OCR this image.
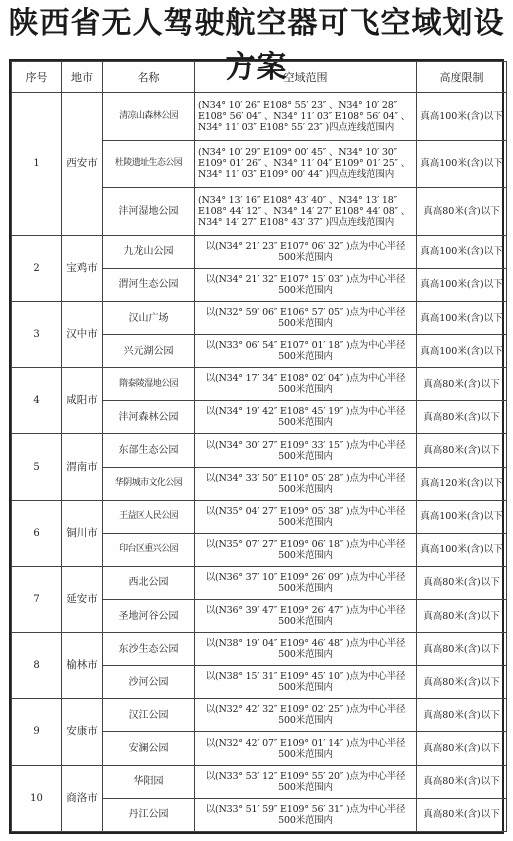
陕西省无人驾驶航空器可飞空域划设方案
序号	地市	名称	空域范围	高度限制
1	西安市	清凉山森林公园	(N34° 10′ 26″ E108° 55′ 23″ 、N34° 10′ 28″
E108° 56′ 04″ 、N34° 11′ 03″ E108° 56′ 04″ 、
N34° 11′ 03″ E108° 55′ 23″ )四点连线范围内	真高100米(含)以下
		杜陵遗址生态公园	(N34° 10′ 29″ E109° 00′ 45″ 、N34° 10′ 30″
E109° 01′ 26″ 、N34° 11′ 04″ E109° 01′ 25″ 、
N34° 11′ 03″ E109° 00′ 44″ )四点连线范围内	真高100米(含)以下
		沣河湿地公园	(N34° 13′ 16″ E108° 43′ 40″ 、N34° 13′ 18″
E108° 44′ 12″ 、N34° 14′ 27″ E108° 44′ 08″ 、
N34° 14′ 27″ E108° 43′ 37″ )四点连线范围内	真高80米(含)以下
2	宝鸡市	九龙山公园	以(N34° 21′ 23″ E107° 06′ 32″ )点为中心半径
500米范围内	真高100米(含)以下
		渭河生态公园	以(N34° 21′ 32″ E107° 15′ 03″ )点为中心半径
500米范围内	真高100米(含)以下
3	汉中市	汉山广场	以(N32° 59′ 06″ E106° 57′ 05″ )点为中心半径
500米范围内	真高100米(含)以下
		兴元湖公园	以(N33° 06′ 54″ E107° 01′ 18″ )点为中心半径
500米范围内	真高100米(含)以下
4	咸阳市	隋泰陵湿地公园	以(N34° 17′ 34″ E108° 02′ 04″ )点为中心半径
500米范围内	真高80米(含)以下
		沣河森林公园	以(N34° 19′ 42″ E108° 45′ 19″ )点为中心半径
500米范围内	真高80米(含)以下
5	渭南市	东部生态公园	以(N34° 30′ 27″ E109° 33′ 15″ )点为中心半径
500米范围内	真高80米(含)以下
		华阴城市文化公园	以(N34° 33′ 50″ E110° 05′ 28″ )点为中心半径
500米范围内	真高120米(含)以下
6	铜川市	王益区人民公园	以(N35° 04′ 27″ E109° 05′ 38″ )点为中心半径
500米范围内	真高100米(含)以下
		印台区重兴公园	以(N35° 07′ 27″ E109° 06′ 18″ )点为中心半径
500米范围内	真高100米(含)以下
7	延安市	西北公园	以(N36° 37′ 10″ E109° 26′ 09″ )点为中心半径
500米范围内	真高80米(含)以下
		圣地河谷公园	以(N36° 39′ 47″ E109° 26′ 47″ )点为中心半径
500米范围内	真高80米(含)以下
8	榆林市	东沙生态公园	以(N38° 19′ 04″ E109° 46′ 48″ )点为中心半径
500米范围内	真高80米(含)以下
		沙河公园	以(N38° 15′ 31″ E109° 45′ 10″ )点为中心半径
500米范围内	真高80米(含)以下
9	安康市	汉江公园	以(N32° 42′ 32″ E109° 02′ 25″ )点为中心半径
500米范围内	真高80米(含)以下
		安澜公园	以(N32° 42′ 07″ E109° 01′ 14″ )点为中心半径
500米范围内	真高80米(含)以下
10	商洛市	华阳园	以(N33° 53′ 12″ E109° 55′ 20″ )点为中心半径
500米范围内	真高80米(含)以下
		丹江公园	以(N33° 51′ 59″ E109° 56′ 31″ )点为中心半径
500米范围内	真高80米(含)以下
